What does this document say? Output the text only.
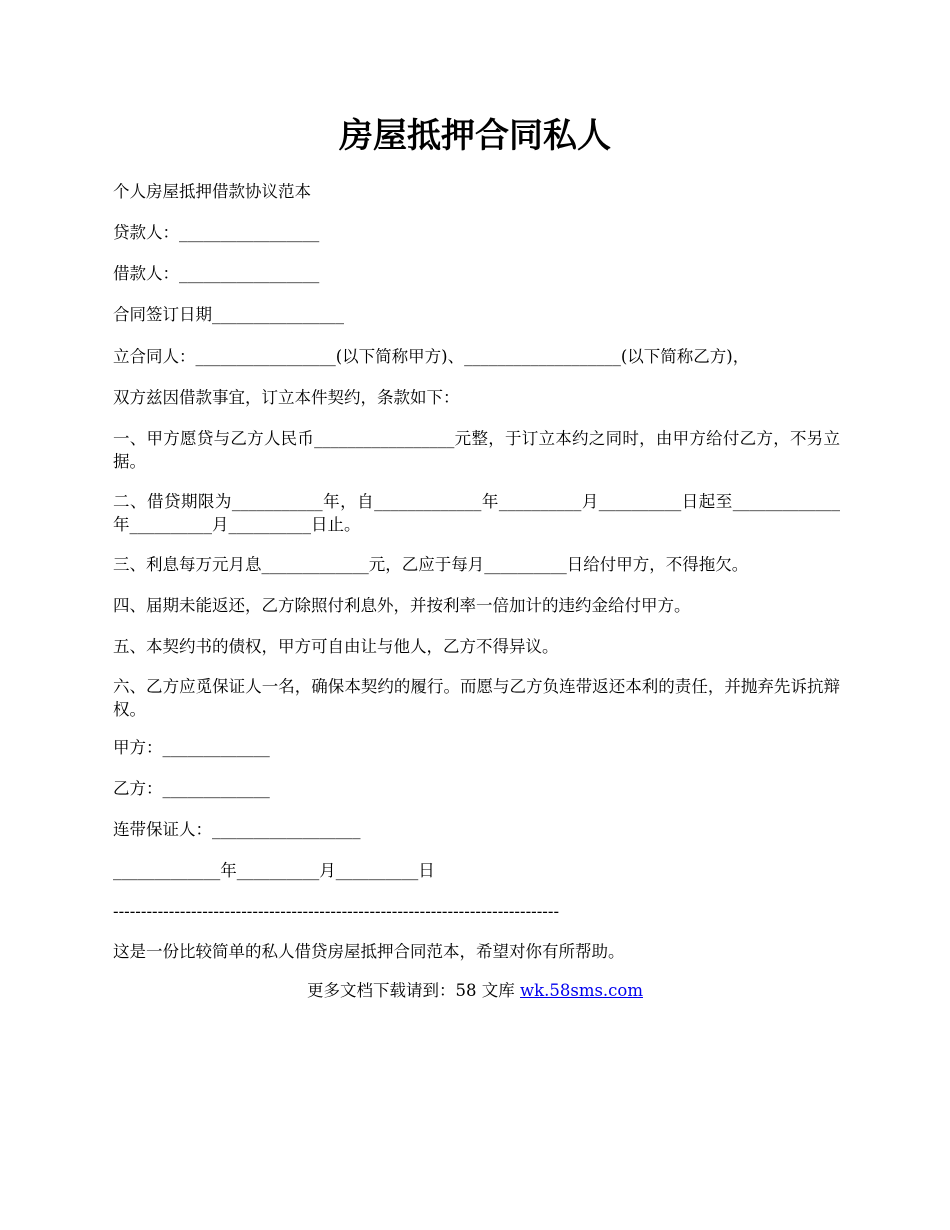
房屋抵押合同私人
个人房屋抵押借款协议范本
贷款人：_________________
借款人：_________________
合同签订日期________________
立合同人：_________________(以下简称甲方)、___________________(以下简称乙方)，
双方兹因借款事宜，订立本件契约，条款如下：
一、甲方愿贷与乙方人民币_________________元整，于订立本约之同时，由甲方给付乙方，不另立据。
二、借贷期限为___________年，自_____________年__________月__________日起至_____________年__________月__________日止。
三、利息每万元月息_____________元，乙应于每月__________日给付甲方，不得拖欠。
四、届期未能返还，乙方除照付利息外，并按利率一倍加计的违约金给付甲方。
五、本契约书的债权，甲方可自由让与他人，乙方不得异议。
六、乙方应觅保证人一名，确保本契约的履行。而愿与乙方负连带返还本利的责任，并抛弃先诉抗辩权。
甲方：_____________
乙方：_____________
连带保证人：__________________
_____________年__________月__________日
--------------------------------------------------------------------------------
这是一份比较简单的私人借贷房屋抵押合同范本，希望对你有所帮助。
更多文档下载请到：58 文库 wk.58sms.com
